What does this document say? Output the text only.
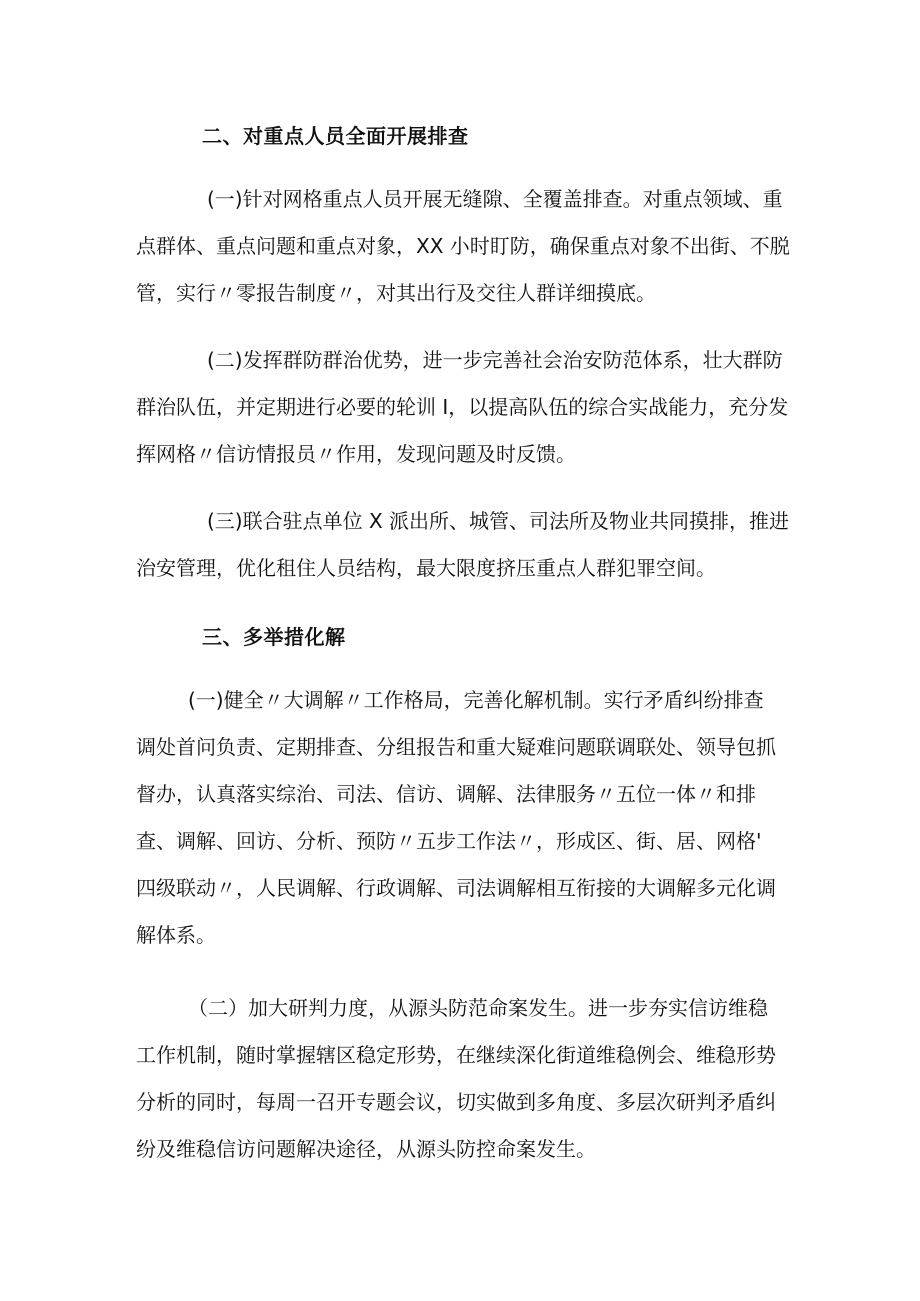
二、对重点人员全面开展排查
(一)针对网格重点人员开展无缝隙、全覆盖排查。对重点领域、重
点群体、重点问题和重点对象，XX 小时盯防，确保重点对象不出街、不脱
管，实行〃零报告制度〃，对其出行及交往人群详细摸底。
(二)发挥群防群治优势，进一步完善社会治安防范体系，壮大群防
群治队伍，并定期进行必要的轮训 I，以提高队伍的综合实战能力，充分发
挥网格〃信访情报员〃作用，发现问题及时反馈。
(三)联合驻点单位 X 派出所、城管、司法所及物业共同摸排，推进
治安管理，优化租住人员结构，最大限度挤压重点人群犯罪空间。
三、多举措化解
(一)健全〃大调解〃工作格局，完善化解机制。实行矛盾纠纷排查
调处首问负责、定期排查、分组报告和重大疑难问题联调联处、领导包抓
督办，认真落实综治、司法、信访、调解、法律服务〃五位一体〃和排
查、调解、回访、分析、预防〃五步工作法〃，形成区、街、居、网格'
四级联动〃，人民调解、行政调解、司法调解相互衔接的大调解多元化调
解体系。
（二）加大研判力度，从源头防范命案发生。进一步夯实信访维稳
工作机制，随时掌握辖区稳定形势，在继续深化街道维稳例会、维稳形势
分析的同时，每周一召开专题会议，切实做到多角度、多层次研判矛盾纠
纷及维稳信访问题解决途径，从源头防控命案发生。
